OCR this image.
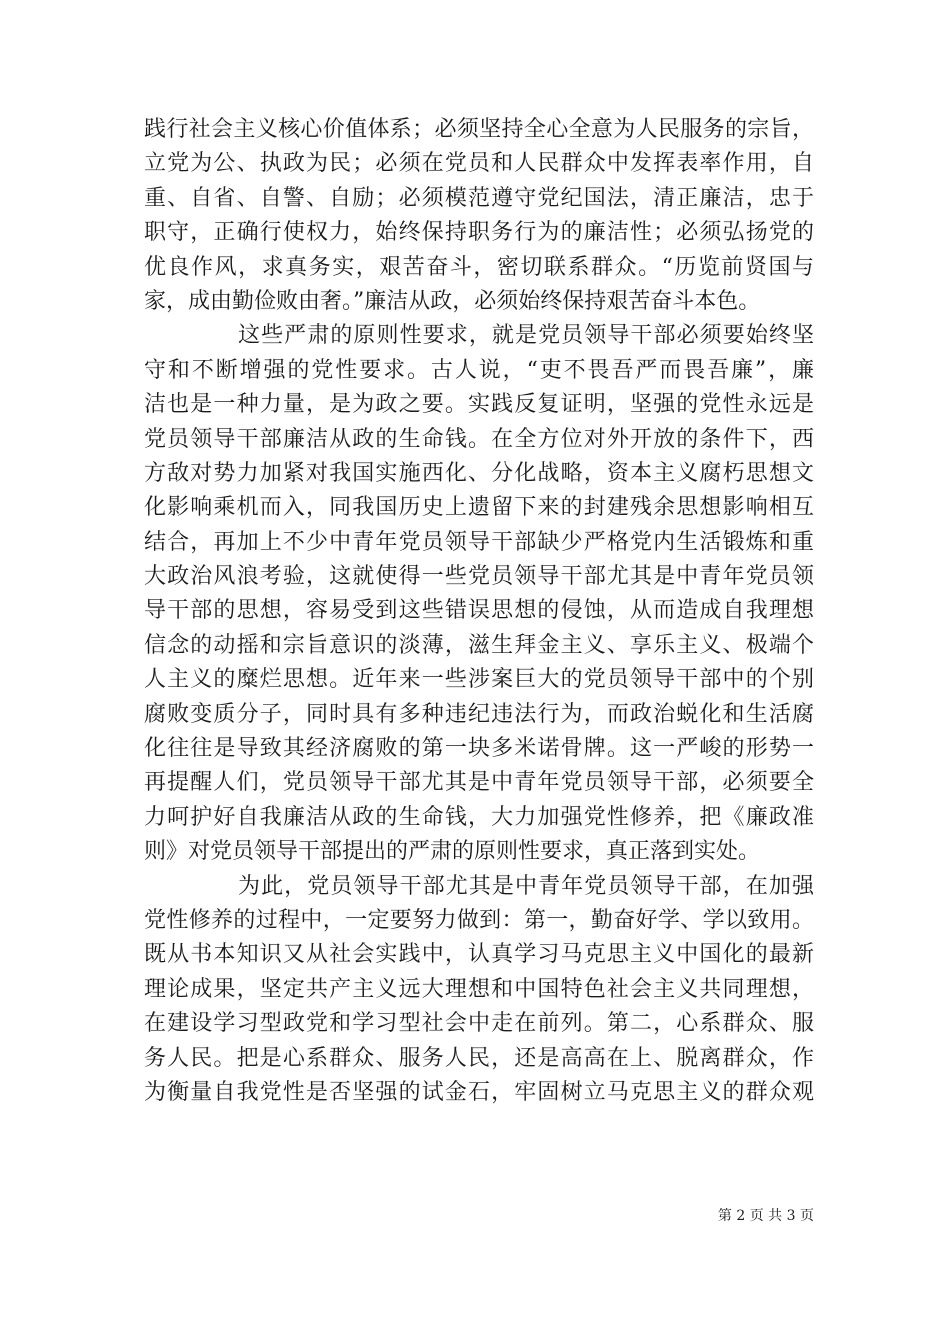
践行社会主义核心价值体系；必须坚持全心全意为人民服务的宗旨，
立党为公、执政为民；必须在党员和人民群众中发挥表率作用，自
重、自省、自警、自励；必须模范遵守党纪国法，清正廉洁，忠于
职守，正确行使权力，始终保持职务行为的廉洁性；必须弘扬党的
优良作风，求真务实，艰苦奋斗，密切联系群众。“历览前贤国与
家，成由勤俭败由奢。”廉洁从政，必须始终保持艰苦奋斗本色。
这些严肃的原则性要求，就是党员领导干部必须要始终坚
守和不断增强的党性要求。古人说，“吏不畏吾严而畏吾廉”，廉
洁也是一种力量，是为政之要。实践反复证明，坚强的党性永远是
党员领导干部廉洁从政的生命钱。在全方位对外开放的条件下，西
方敌对势力加紧对我国实施西化、分化战略，资本主义腐朽思想文
化影响乘机而入，同我国历史上遗留下来的封建残余思想影响相互
结合，再加上不少中青年党员领导干部缺少严格党内生活锻炼和重
大政治风浪考验，这就使得一些党员领导干部尤其是中青年党员领
导干部的思想，容易受到这些错误思想的侵蚀，从而造成自我理想
信念的动摇和宗旨意识的淡薄，滋生拜金主义、享乐主义、极端个
人主义的糜烂思想。近年来一些涉案巨大的党员领导干部中的个别
腐败变质分子，同时具有多种违纪违法行为，而政治蜕化和生活腐
化往往是导致其经济腐败的第一块多米诺骨牌。这一严峻的形势一
再提醒人们，党员领导干部尤其是中青年党员领导干部，必须要全
力呵护好自我廉洁从政的生命钱，大力加强党性修养，把《廉政准
则》对党员领导干部提出的严肃的原则性要求，真正落到实处。
为此，党员领导干部尤其是中青年党员领导干部，在加强
党性修养的过程中，一定要努力做到：第一，勤奋好学、学以致用。
既从书本知识又从社会实践中，认真学习马克思主义中国化的最新
理论成果，坚定共产主义远大理想和中国特色社会主义共同理想，
在建设学习型政党和学习型社会中走在前列。第二，心系群众、服
务人民。把是心系群众、服务人民，还是高高在上、脱离群众，作
为衡量自我党性是否坚强的试金石，牢固树立马克思主义的群众观
第 2 页 共 3 页
